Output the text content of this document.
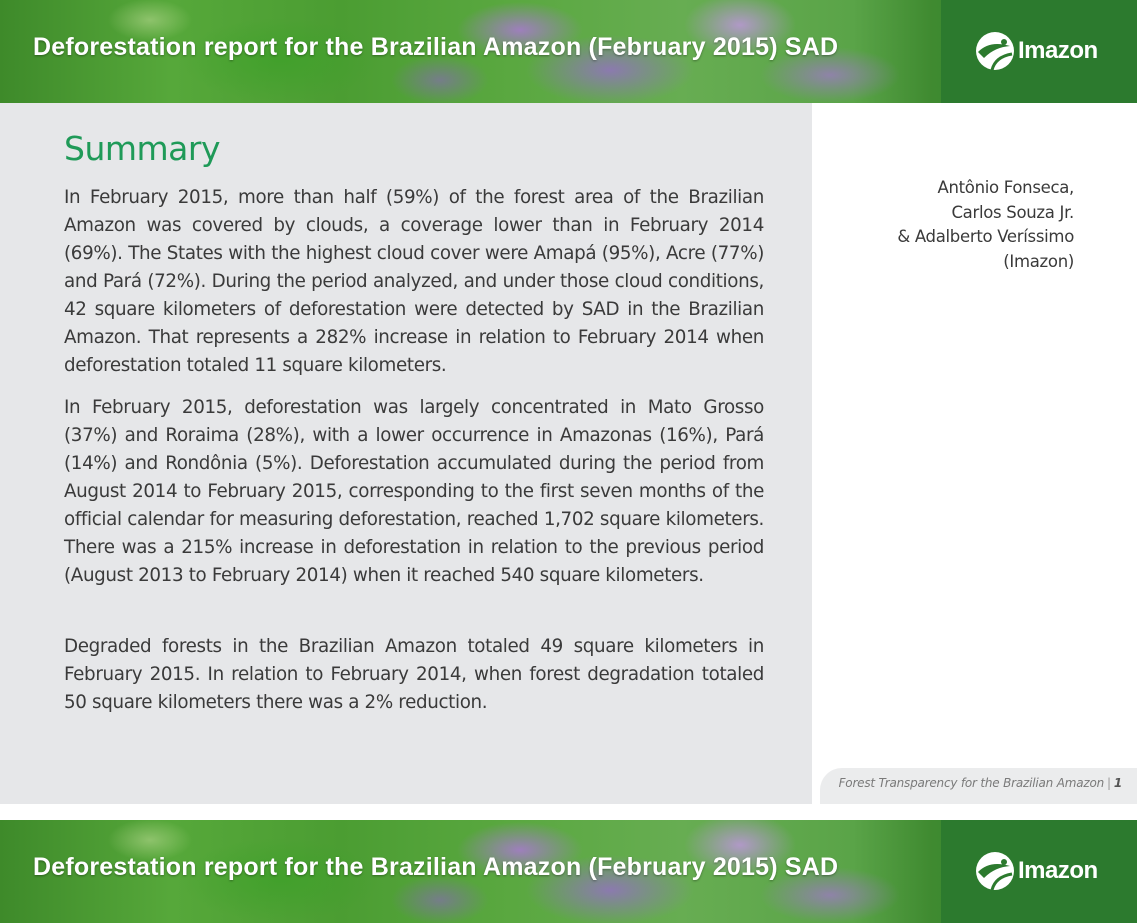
Deforestation report for the Brazilian Amazon (February 2015) SAD	Imazon
Summary

In February 2015, more than half (59%) of the forest area of the Brazilian Amazon was covered by clouds, a coverage lower than in February 2014 (69%). The States with the highest cloud cover were Amapá (95%), Acre (77%) and Pará (72%). During the period analyzed, and under those cloud conditions, 42 square kilometers of deforestation were detected by SAD in the Brazilian Amazon. That represents a 282% increase in relation to February 2014 when deforestation totaled 11 square kilometers.

In February 2015, deforestation was largely concentrated in Mato Grosso (37%) and Roraima (28%), with a lower occurrence in Amazonas (16%), Pará (14%) and Rondônia (5%). Deforestation accumulated during the period from August 2014 to February 2015, corresponding to the first seven months of the official calendar for measuring deforestation, reached 1,702 square kilometers. There was a 215% increase in deforestation in relation to the previous period (August 2013 to February 2014) when it reached 540 square kilometers.

Degraded forests in the Brazilian Amazon totaled 49 square kilometers in February 2015. In relation to February 2014, when forest degradation totaled 50 square kilometers there was a 2% reduction.

Antônio Fonseca,
Carlos Souza Jr.
& Adalberto Veríssimo
(Imazon)
Forest Transparency for the Brazilian Amazon | 1
Deforestation report for the Brazilian Amazon (February 2015) SAD	Imazon
